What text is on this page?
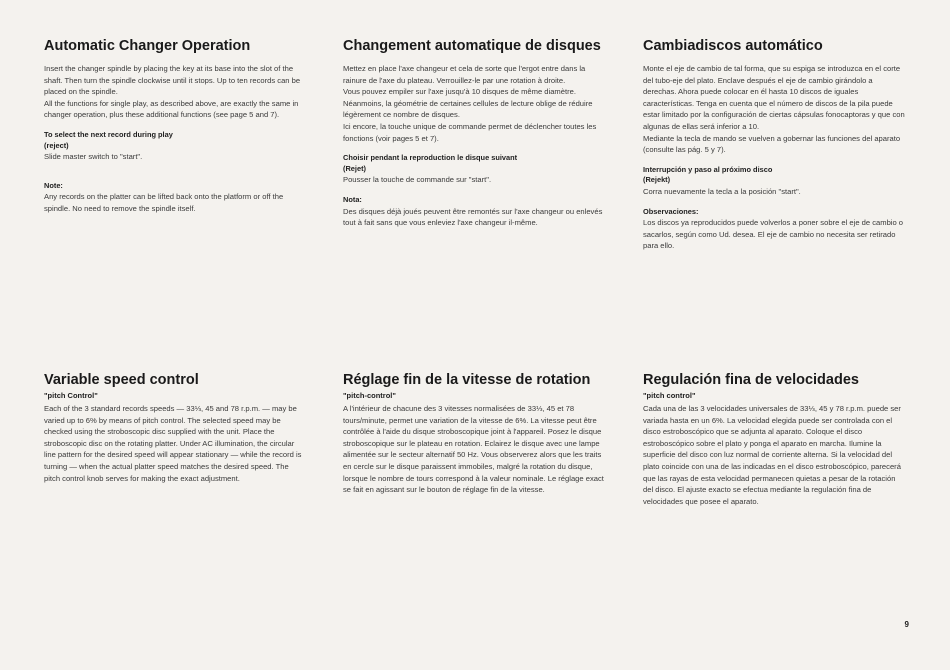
Automatic Changer Operation

Insert the changer spindle by placing the key at its base into the slot of the shaft. Then turn the spindle clockwise until it stops. Up to ten records can be placed on the spindle.

All the functions for single play, as described above, are exactly the same in changer operation, plus these additional functions (see page 5 and 7).

To select the next record during play

(reject)

Slide master switch to "start".

Note:

Any records on the platter can be lifted back onto the platform or off the spindle. No need to remove the spindle itself.

Changement automatique de disques

Mettez en place l'axe changeur et cela de sorte que l'ergot entre dans la rainure de l'axe du plateau. Verrouillez-le par une rotation à droite.

Vous pouvez empiler sur l'axe jusqu'à 10 disques de même diamètre. Néanmoins, la géométrie de certaines cellules de lecture oblige de réduire légèrement ce nombre de disques.

Ici encore, la touche unique de commande permet de déclencher toutes les fonctions (voir pages 5 et 7).

Choisir pendant la reproduction le disque suivant

(Rejet)

Pousser la touche de commande sur "start".

Nota:

Des disques déjà joués peuvent être remontés sur l'axe changeur ou enlevés tout à fait sans que vous enleviez l'axe changeur il-même.

Cambiadiscos automático

Monte el eje de cambio de tal forma, que su espiga se introduzca en el corte del tubo-eje del plato. Enclave después el eje de cambio girándolo a derechas. Ahora puede colocar en él hasta 10 discos de iguales características. Tenga en cuenta que el número de discos de la pila puede estar limitado por la configuración de ciertas cápsulas fonocaptoras y que con algunas de ellas será inferior a 10.

Mediante la tecla de mando se vuelven a gobernar las funciones del aparato (consulte las pág. 5 y 7).

Interrupción y paso al próximo disco

(Rejekt)

Corra nuevamente la tecla a la posición "start".

Observaciones:

Los discos ya reproducidos puede volverlos a poner sobre el eje de cambio o sacarlos, según como Ud. desea. El eje de cambio no necesita ser retirado para ello.

Variable speed control

"pitch Control"

Each of the 3 standard records speeds — 33⅓, 45 and 78 r.p.m. — may be varied up to 6% by means of pitch control. The selected speed may be checked using the stroboscopic disc supplied with the unit. Place the stroboscopic disc on the rotating platter. Under AC illumination, the circular line pattern for the desired speed will appear stationary — while the record is turning — when the actual platter speed matches the desired speed. The pitch control knob serves for making the exact adjustment.

Réglage fin de la vitesse de rotation

"pitch-control"

A l'intérieur de chacune des 3 vitesses normalisées de 33⅓, 45 et 78 tours/minute, permet une variation de la vitesse de 6%. La vitesse peut être contrôlée à l'aide du disque stroboscopique joint à l'appareil. Posez le disque stroboscopique sur le plateau en rotation. Eclairez le disque avec une lampe alimentée sur le secteur alternatif 50 Hz. Vous observerez alors que les traits en cercle sur le disque paraissent immobiles, malgré la rotation du disque, lorsque le nombre de tours correspond à la valeur nominale. Le réglage exact se fait en agissant sur le bouton de réglage fin de la vitesse.

Regulación fina de velocidades

"pitch control"

Cada una de las 3 velocidades universales de 33⅓, 45 y 78 r.p.m. puede ser variada hasta en un 6%. La velocidad elegida puede ser controlada con el disco estroboscópico que se adjunta al aparato. Coloque el disco estroboscópico sobre el plato y ponga el aparato en marcha. Ilumine la superficie del disco con luz normal de corriente alterna. Si la velocidad del plato coincide con una de las indicadas en el disco estroboscópico, parecerá que las rayas de esta velocidad permanecen quietas a pesar de la rotación del disco. El ajuste exacto se efectua mediante la regulación fina de velocidades que posee el aparato.

9
